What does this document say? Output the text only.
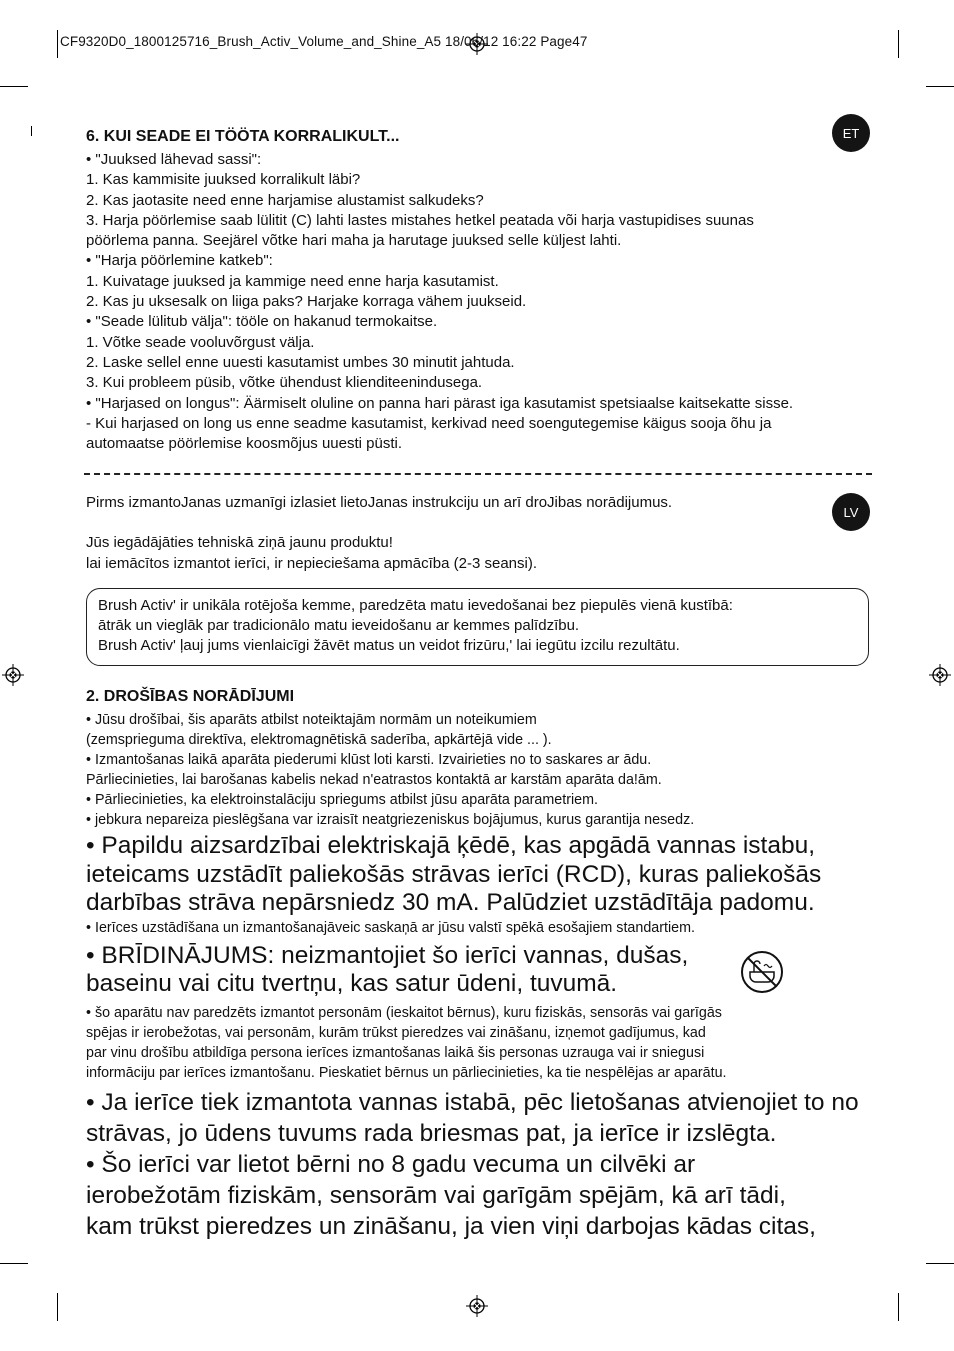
CF9320D0_1800125716_Brush_Activ_Volume_and_Shine_A5 18/06/12 16:22 Page47
ET
LV
6. KUI SEADE EI TÖÖTA KORRALIKULT...

• "Juuksed lähevad sassi":

1. Kas kammisite juuksed korralikult läbi?

2. Kas jaotasite need enne harjamise alustamist salkudeks?

3. Harja pöörlemise saab lülitit (C) lahti lastes mistahes hetkel peatada või harja vastupidises suunas

pöörlema panna. Seejärel võtke hari maha ja harutage juuksed selle küljest lahti.

• "Harja pöörlemine katkeb":

1. Kuivatage juuksed ja kammige need enne harja kasutamist.

2. Kas ju uksesalk on liiga paks? Harjake korraga vähem juukseid.

• "Seade lülitub välja": tööle on hakanud termokaitse.

1. Võtke seade vooluvõrgust välja.

2. Laske sellel enne uuesti kasutamist umbes 30 minutit jahtuda.

3. Kui probleem püsib, võtke ühendust klienditeenindusega.

• "Harjased on longus": Äärmiselt oluline on panna hari pärast iga kasutamist spetsiaalse kaitsekatte sisse.

- Kui harjased on long us enne seadme kasutamist, kerkivad need soengutegemise käigus sooja õhu ja

automaatse pöörlemise koosmõjus uuesti püsti.

Pirms izmantoJanas uzmanīgi izlasiet lietoJanas instrukciju un arī droJibas norādijumus.

Jūs iegādājāties tehniskā ziņā jaunu produktu!

lai iemācītos izmantot ierīci, ir nepieciešama apmācība (2-3 seansi).

Brush Activ' ir unikāla rotējoša kemme, paredzēta matu ievedošanai bez piepulēs vienā kustībā:

ātrāk un vieglāk par tradicionālo matu ieveidošanu ar kemmes palīdzību.

Brush Activ' ļauj jums vienlaicīgi žāvēt matus un veidot frizūru,' lai iegūtu izcilu rezultātu.

2. DROŠĪBAS NORĀDĪJUMI

• Jūsu drošībai, šis aparāts atbilst noteiktajām normām un noteikumiem

(zemsprieguma direktīva, elektromagnētiskā saderība, apkārtējā vide ... ).

• Izmantošanas laikā aparāta piederumi klūst loti karsti. Izvairieties no to saskares ar ādu.

Pārliecinieties, lai barošanas kabelis nekad n'eatrastos kontaktā ar karstām aparāta da!ām.

• Pārliecinieties, ka elektroinstalāciju spriegums atbilst jūsu aparāta parametriem.

• jebkura nepareiza pieslēgšana var izraisīt neatgriezeniskus bojājumus, kurus garantija nesedz.

• Papildu aizsardzībai elektriskajā ķēdē, kas apgādā vannas istabu,

ieteicams uzstādīt paliekošās strāvas ierīci (RCD), kuras paliekošās

darbības strāva nepārsniedz 30 mA. Palūdziet uzstādītāja padomu.

• Ierīces uzstādīšana un izmantošanajāveic saskaņā ar jūsu valstī spēkā esošajiem standartiem.

• BRĪDINĀJUMS: neizmantojiet šo ierīci vannas, dušas,

baseinu vai citu tvertņu, kas satur ūdeni, tuvumā.

• šo aparātu nav paredzēts izmantot personām (ieskaitot bērnus), kuru fiziskās, sensorās vai garīgās

spējas ir ierobežotas, vai personām, kurām trūkst pieredzes vai zināšanu, izņemot gadījumus, kad

par vinu drošību atbildīga persona ierīces izmantošanas laikā šis personas uzrauga vai ir sniegusi

informāciju par ierīces izmantošanu. Pieskatiet bērnus un pārliecinieties, ka tie nespēlējas ar aparātu.

• Ja ierīce tiek izmantota vannas istabā, pēc lietošanas atvienojiet to no

strāvas, jo ūdens tuvums rada briesmas pat, ja ierīce ir izslēgta.

• Šo ierīci var lietot bērni no 8 gadu vecuma un cilvēki ar

ierobežotām fiziskām, sensorām vai garīgām spējām, kā arī tādi,

kam trūkst pieredzes un zināšanu, ja vien viņi darbojas kādas citas,
